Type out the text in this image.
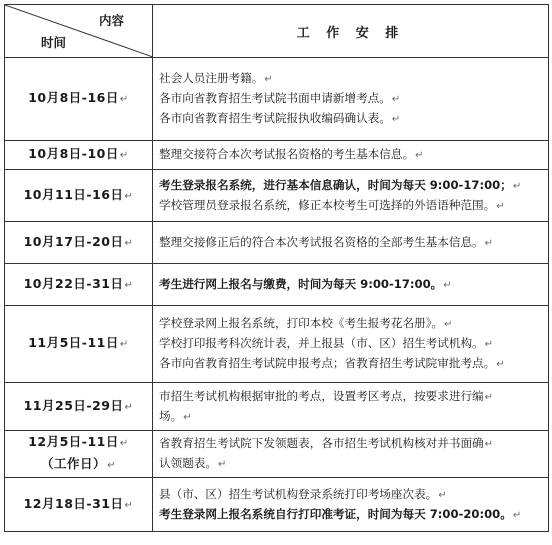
内容
时间	工 作 安 排

10月8日-16日↵	社会人员注册考籍。↵
各市向省教育招生考试院书面申请新增考点。↵
各市向省教育招生考试院报执收编码确认表。↵

10月8日-10日↵	整理交接符合本次考试报名资格的考生基本信息。↵

10月11日-16日↵	考生登录报名系统，进行基本信息确认，时间为每天 9:00-17:00；↵
学校管理员登录报名系统，修正本校考生可选择的外语语种范围。↵

10月17日-20日↵	整理交接修正后的符合本次考试报名资格的全部考生基本信息。↵

10月22日-31日↵	考生进行网上报名与缴费，时间为每天 9:00-17:00。↵

11月5日-11日↵	学校登录网上报名系统，打印本校《考生报考花名册》。↵
学校打印报考科次统计表，并上报县（市、区）招生考试机构。↵
各市向省教育招生考试院申报考点；省教育招生考试院审批考点。↵

11月25日-29日↵	市招生考试机构根据审批的考点，设置考区考点，按要求进行编↵
场。↵

12月5日-11日↵
（工作日）↵	省教育招生考试院下发领题表，各市招生考试机构核对并书面确↵
认领题表。↵

12月18日-31日↵	县（市、区）招生考试机构登录系统打印考场座次表。↵
考生登录网上报名系统自行打印准考证，时间为每天 7:00-20:00。↵
